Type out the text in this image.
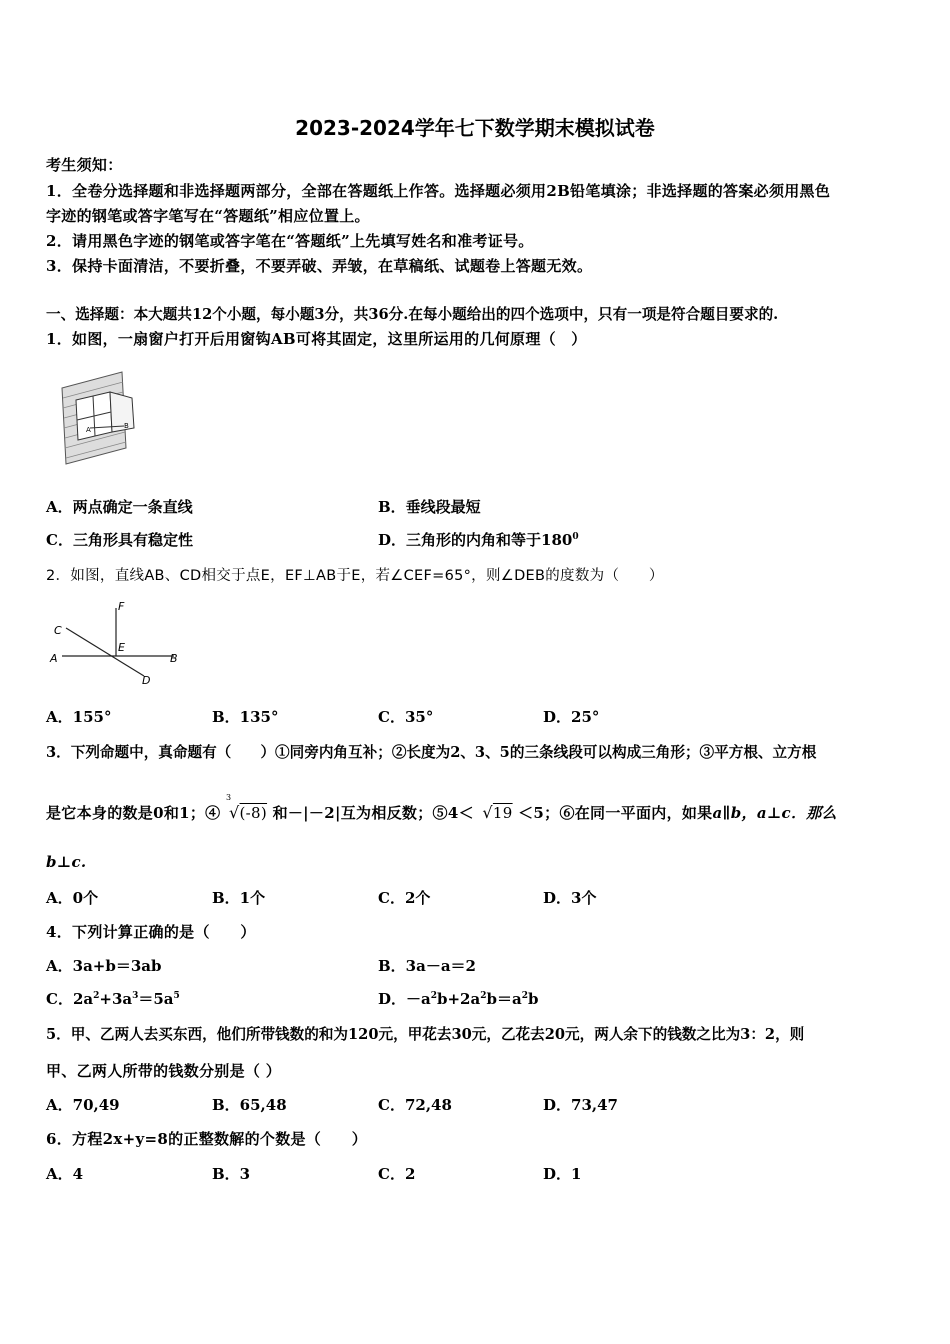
2023-2024学年七下数学期末模拟试卷
考生须知：
1．全卷分选择题和非选择题两部分，全部在答题纸上作答。选择题必须用2B铅笔填涂；非选择题的答案必须用黑色
字迹的钢笔或答字笔写在“答题纸”相应位置上。
2．请用黑色字迹的钢笔或答字笔在“答题纸”上先填写姓名和准考证号。
3．保持卡面清洁，不要折叠，不要弄破、弄皱，在草稿纸、试题卷上答题无效。
一、选择题：本大题共12个小题，每小题3分，共36分.在每小题给出的四个选项中，只有一项是符合题目要求的.
1．如图，一扇窗户打开后用窗钩AB可将其固定，这里所运用的几何原理（　）
A	B
A．两点确定一条直线	B．垂线段最短
C．三角形具有稳定性	D．三角形的内角和等于$180^0$
2．如图，直线AB、CD相交于点E，EF⊥AB于E，若∠CEF=65°，则∠DEB的度数为（　　）
F
C
E
A	B
D
A．155°	B．135°	C．35°	D．25°
3．下列命题中，真命题有（　　）①同旁内角互补；②长度为2、3、5的三条线段可以构成三角形；③平方根、立方根
是它本身的数是0和1；④
3
√(-8) 和－|－2|互为相反数；⑤4＜ √19 ＜5；⑥在同一平面内，如果a∥b，a⊥c．那么
b⊥c.
A．0个	B．1个	C．2个	D．3个
4．下列计算正确的是（　　）
A．3a+b＝3ab	B．3a－a＝2
C．$2a^2+3a^3=5a^5$	D．$-a^2b+2a^2b=a^2b$
5．甲、乙两人去买东西，他们所带钱数的和为120元，甲花去30元，乙花去20元，两人余下的钱数之比为3：2，则
甲、乙两人所带的钱数分别是（ ）
A．70,49	B．65,48	C．72,48	D．73,47
6．方程2x+y=8的正整数解的个数是（　　）
A．4	B．3	C．2	D．1
